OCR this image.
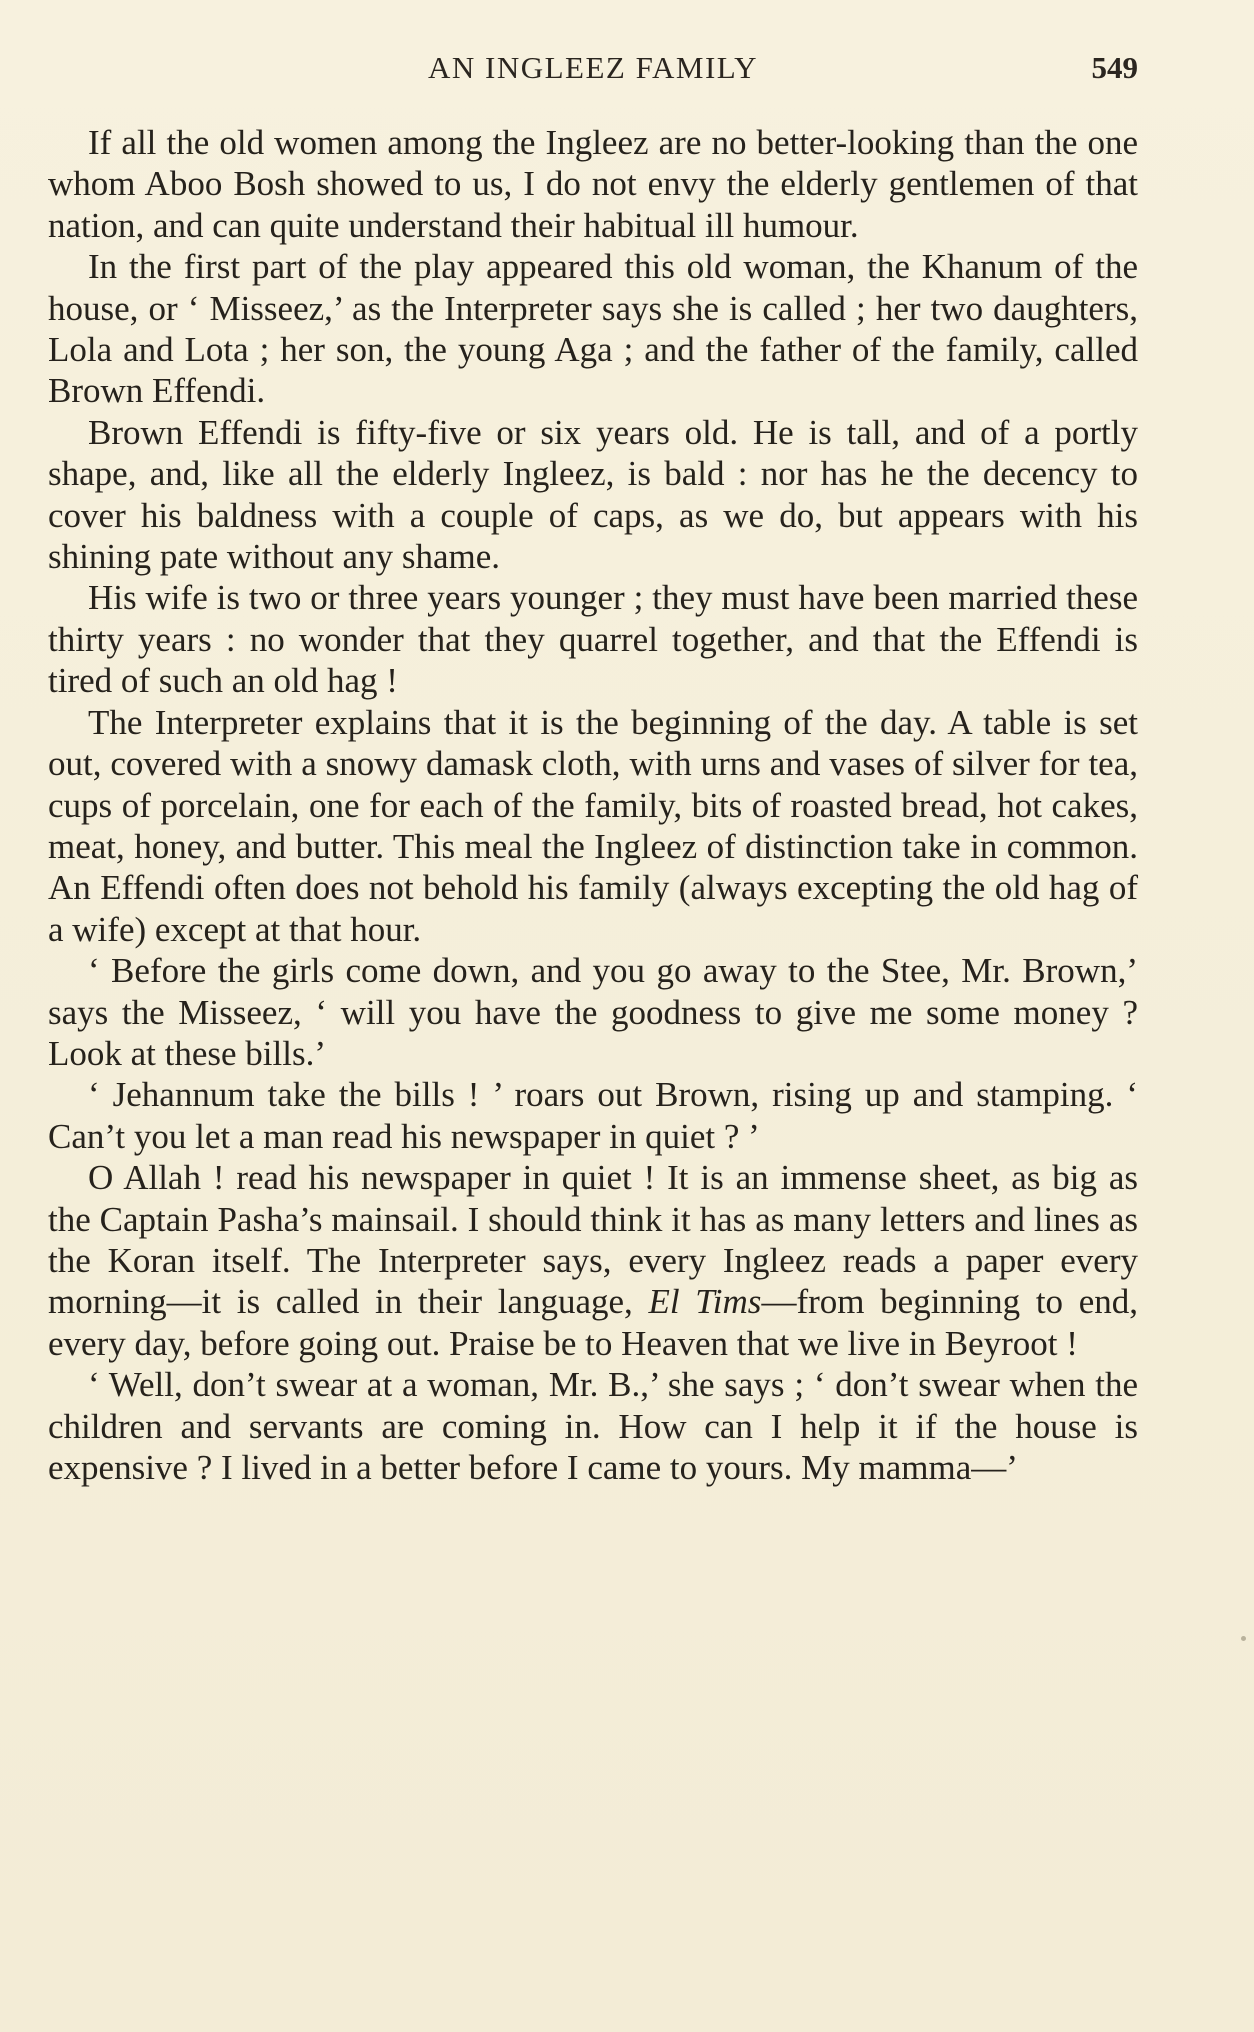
AN INGLEEZ FAMILY	549

If all the old women among the Ingleez are no better-looking than the one whom Aboo Bosh showed to us, I do not envy the elderly gentlemen of that nation, and can quite understand their habitual ill humour.

In the first part of the play appeared this old woman, the Khanum of the house, or ‘ Misseez,’ as the Interpreter says she is called ; her two daughters, Lola and Lota ; her son, the young Aga ; and the father of the family, called Brown Effendi.

Brown Effendi is fifty-five or six years old. He is tall, and of a portly shape, and, like all the elderly Ingleez, is bald : nor has he the decency to cover his baldness with a couple of caps, as we do, but appears with his shining pate without any shame.

His wife is two or three years younger ; they must have been married these thirty years : no wonder that they quarrel together, and that the Effendi is tired of such an old hag !

The Interpreter explains that it is the beginning of the day. A table is set out, covered with a snowy damask cloth, with urns and vases of silver for tea, cups of porcelain, one for each of the family, bits of roasted bread, hot cakes, meat, honey, and butter. This meal the Ingleez of distinction take in common. An Effendi often does not behold his family (always excepting the old hag of a wife) except at that hour.

‘ Before the girls come down, and you go away to the Stee, Mr. Brown,’ says the Misseez, ‘ will you have the goodness to give me some money ? Look at these bills.’

‘ Jehannum take the bills ! ’ roars out Brown, rising up and stamping. ‘ Can’t you let a man read his newspaper in quiet ? ’

O Allah ! read his newspaper in quiet ! It is an immense sheet, as big as the Captain Pasha’s mainsail. I should think it has as many letters and lines as the Koran itself. The Interpreter says, every Ingleez reads a paper every morning—it is called in their language, El Tims—from beginning to end, every day, before going out. Praise be to Heaven that we live in Beyroot !

‘ Well, don’t swear at a woman, Mr. B.,’ she says ; ‘ don’t swear when the children and servants are coming in. How can I help it if the house is expensive ? I lived in a better before I came to yours. My mamma—’
